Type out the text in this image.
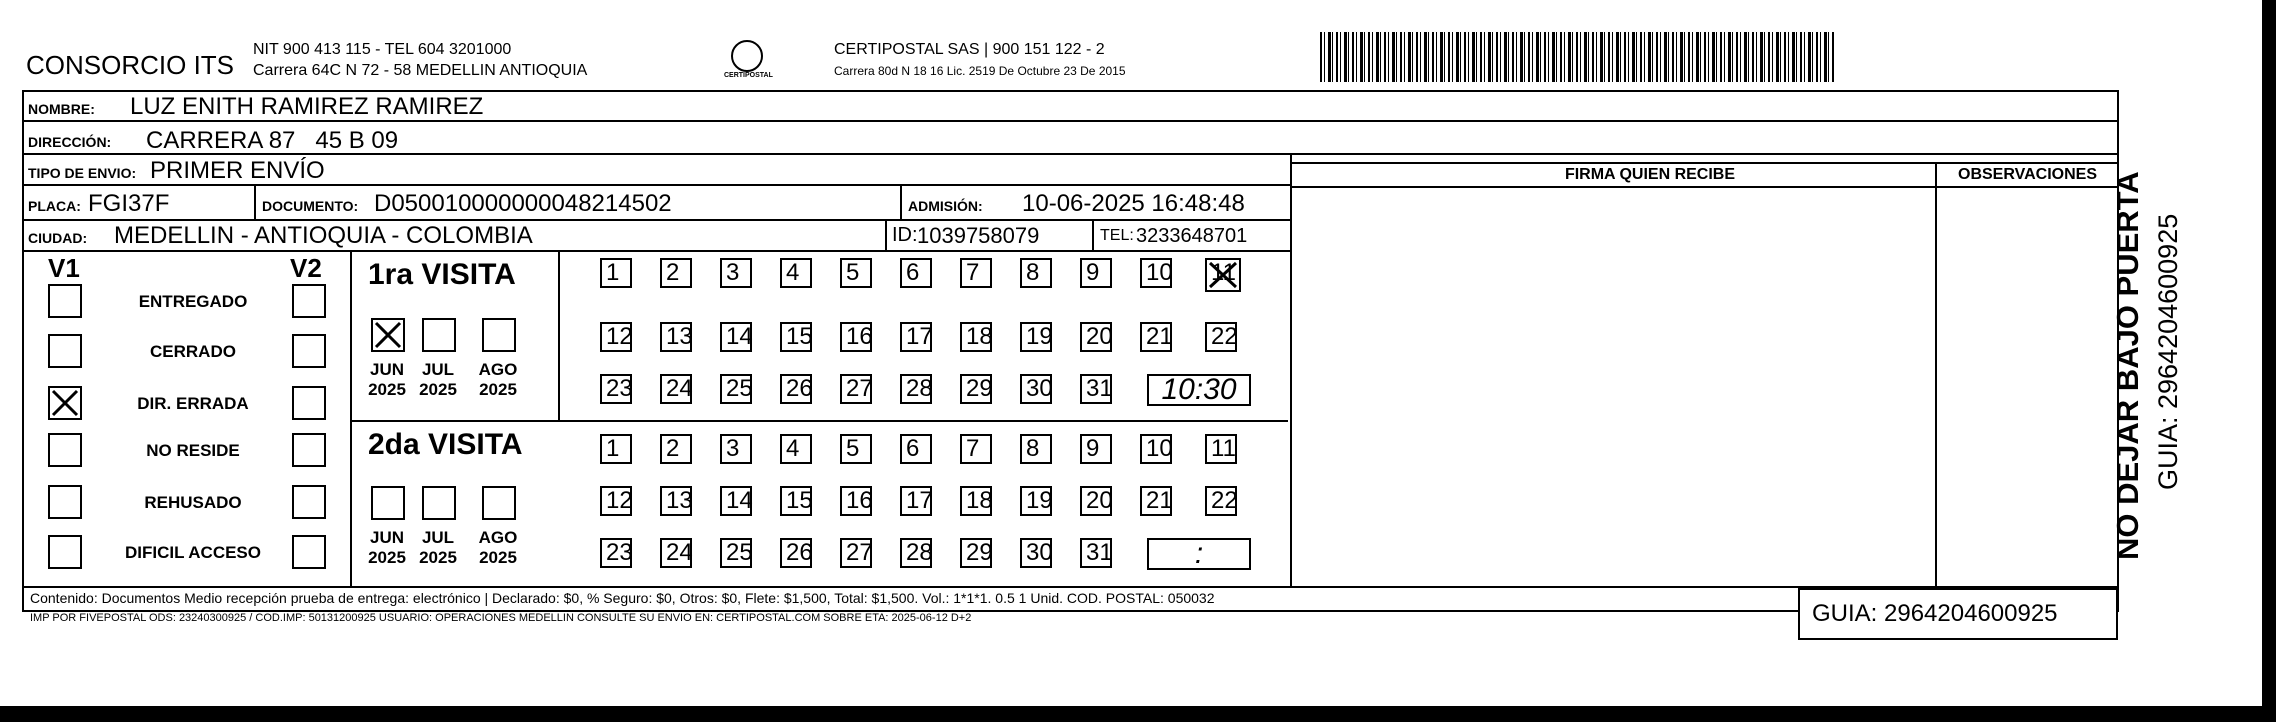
CONSORCIO ITS
NIT 900 413 115 - TEL 604 3201000
Carrera 64C N 72 - 58 MEDELLIN ANTIOQUIA	CERTIPOSTAL
CERTIPOSTAL SAS | 900 151 122 - 2
Carrera 80d N 18 16 Lic. 2519 De Octubre 23 De 2015
NOMBRE: LUZ ENITH RAMIREZ RAMIREZ
DIRECCIÓN: CARRERA 87   45 B 09
TIPO DE ENVIO: PRIMER ENVÍO
PLACA: FGI37F	DOCUMENTO: D050010000000048214502	ADMISIÓN: 10-06-2025 16:48:48
CIUDAD: MEDELLIN - ANTIOQUIA - COLOMBIA	ID: 1039758079	TEL: 3233648701
FIRMA QUIEN RECIBE	OBSERVACIONES
V1	V2 1ra VISITA
2da VISITA
Contenido: Documentos Medio recepción prueba de entrega: electrónico | Declarado: $0, % Seguro: $0, Otros: $0, Flete: $1,500, Total: $1,500. Vol.: 1*1*1. 0.5 1 Unid. COD. POSTAL: 050032
IMP POR FIVEPOSTAL ODS: 23240300925 / COD.IMP: 50131200925 USUARIO: OPERACIONES MEDELLIN CONSULTE SU ENVIO EN: CERTIPOSTAL.COM SOBRE ETA: 2025-06-12 D+2	GUIA: 2964204600925
NO DEJAR BAJO PUERTA GUIA: 2964204600925
ENTREGADO
CERRADO
DIR. ERRADA
NO RESIDE
REHUSADO
DIFICIL ACCESO
JUN
2025
JUL
2025
AGO
2025
JUN
2025
JUL
2025
AGO
2025
1	2	3	4	5	6	7	8	9	10 11
12 13 14 15 16 17 18 19 20 21 22
23 24 25 26 27 28 29 30 31	10:30
1	2	3	4	5	6	7	8	9	10 11
12 13 14 15 16 17 18 19 20 21 22
23 24 25 26 27 28 29 30 31	:
